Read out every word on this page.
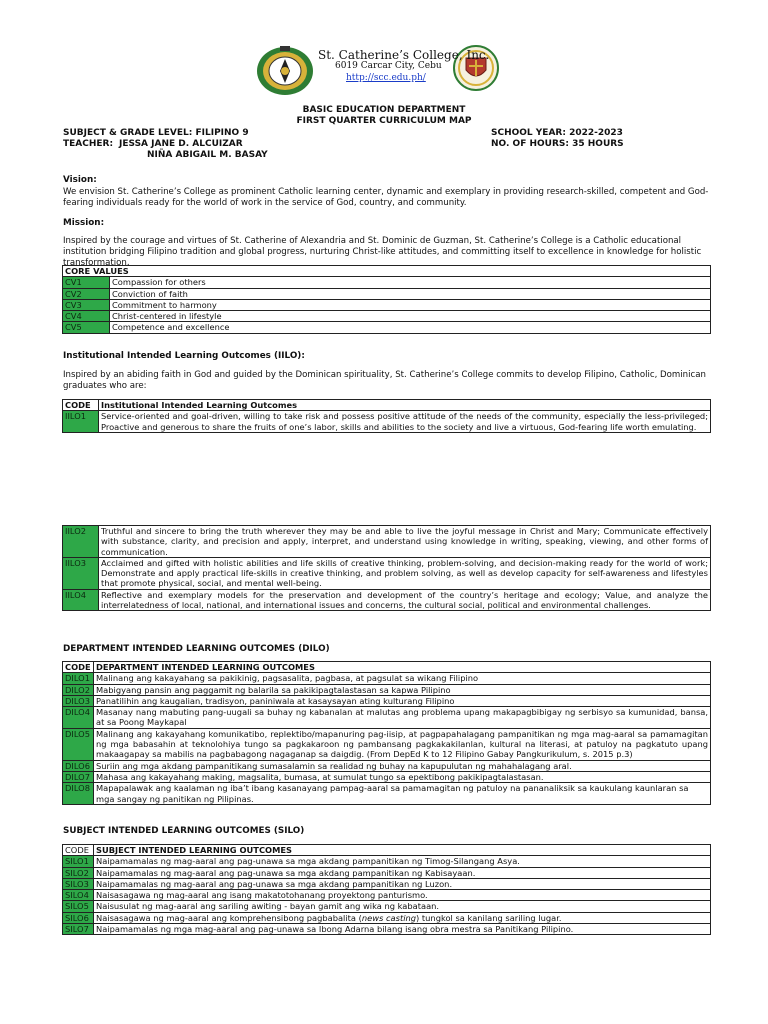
St. Catherine’s College, Inc.
6019 Carcar City, Cebu
http://scc.edu.ph/
BASIC EDUCATION DEPARTMENT
FIRST QUARTER CURRICULUM MAP
SUBJECT & GRADE LEVEL: FILIPINO 9
TEACHER: JESSA JANE D. ALCUIZAR
NIÑA ABIGAIL M. BASAY
SCHOOL YEAR: 2022-2023
NO. OF HOURS: 35 HOURS
Vision:
We envision St. Catherine’s College as prominent Catholic learning center, dynamic and exemplary in providing research-skilled, competent and God-fearing individuals ready for the world of work in the service of God, country, and community.
Mission:
Inspired by the courage and virtues of St. Catherine of Alexandria and St. Dominic de Guzman, St. Catherine’s College is a Catholic educational institution bridging Filipino tradition and global progress, nurturing Christ-like attitudes, and committing itself to excellence in knowledge for holistic transformation.
CORE VALUES	
CV1	Compassion for others
CV2	Conviction of faith
CV3	Commitment to harmony
CV4	Christ-centered in lifestyle
CV5	Competence and excellence
Institutional Intended Learning Outcomes (IILO):
Inspired by an abiding faith in God and guided by the Dominican spirituality, St. Catherine’s College commits to develop Filipino, Catholic, Dominican graduates who are:
CODE	Institutional Intended Learning Outcomes
IILO1	Service-oriented and goal-driven, willing to take risk and possess positive attitude of the needs of the community, especially the less-privileged; Proactive and generous to share the fruits of one’s labor, skills and abilities to the society and live a virtuous, God-fearing life worth emulating.
IILO2	Truthful and sincere to bring the truth wherever they may be and able to live the joyful message in Christ and Mary; Communicate effectively with substance, clarity, and precision and apply, interpret, and understand using knowledge in writing, speaking, viewing, and other forms of communication.
IILO3	Acclaimed and gifted with holistic abilities and life skills of creative thinking, problem-solving, and decision-making ready for the world of work; Demonstrate and apply practical life-skills in creative thinking, and problem solving, as well as develop capacity for self-awareness and lifestyles that promote physical, social, and mental well-being.
IILO4	Reflective and exemplary models for the preservation and development of the country’s heritage and ecology; Value, and analyze the interrelatedness of local, national, and international issues and concerns, the cultural social, political and environmental challenges.
DEPARTMENT INTENDED LEARNING OUTCOMES (DILO)
CODE	DEPARTMENT INTENDED LEARNING OUTCOMES
DILO1	Malinang ang kakayahang sa pakikinig, pagsasalita, pagbasa, at pagsulat sa wikang Filipino
DILO2	Mabigyang pansin ang paggamit ng balarila sa pakikipagtalastasan sa kapwa Pilipino
DILO3	Panatilihin ang kaugalian, tradisyon, paniniwala at kasaysayan ating kulturang Filipino
DILO4	Masanay nang mabuting pang-uugali sa buhay ng kabanalan at malutas ang problema upang makapagbibigay ng serbisyo sa kumunidad, bansa, at sa Poong Maykapal
DILO5	Malinang ang kakayahang komunikatibo, replektibo/mapanuring pag-iisip, at pagpapahalagang pampanitikan ng mga mag-aaral sa pamamagitan ng mga babasahin at teknolohiya tungo sa pagkakaroon ng pambansang pagkakakilanlan, kultural na literasi, at patuloy na pagkatuto upang makaagapay sa mabilis na pagbabagong nagaganap sa daigdig. (From DepEd K to 12 Filipino Gabay Pangkurikulum, s. 2015 p.3)
DILO6	Suriin ang mga akdang pampanitikang sumasalamin sa realidad ng buhay na kapupulutan ng mahahalagang aral.
DILO7	Mahasa ang kakayahang making, magsalita, bumasa, at sumulat tungo sa epektibong pakikipagtalastasan.
DILO8	Mapapalawak ang kaalaman ng iba’t ibang kasanayang pampag-aaral sa pamamagitan ng patuloy na pananaliksik sa kaukulang kaunlaran sa mga sangay ng panitikan ng Pilipinas.
SUBJECT INTENDED LEARNING OUTCOMES (SILO)
CODE	SUBJECT INTENDED LEARNING OUTCOMES
SILO1	Naipamamalas ng mag-aaral ang pag-unawa sa mga akdang pampanitikan ng Timog-Silangang Asya.
SILO2	Naipamamalas ng mag-aaral ang pag-unawa sa mga akdang pampanitikan ng Kabisayaan.
SILO3	Naipamamalas ng mag-aaral ang pag-unawa sa mga akdang pampanitikan ng Luzon.
SILO4	Naisasagawa ng mag-aaral ang isang makatotohanang proyektong panturismo.
SILO5	Naisusulat ng mag-aaral ang sariling awiting - bayan gamit ang wika ng kabataan.
SILO6	Naisasagawa ng mag-aaral ang komprehensibong pagbabalita (news casting) tungkol sa kanilang sariling lugar.
SILO7	Naipamamalas ng mga mag-aaral ang pag-unawa sa Ibong Adarna bilang isang obra mestra sa Panitikang Pilipino.
